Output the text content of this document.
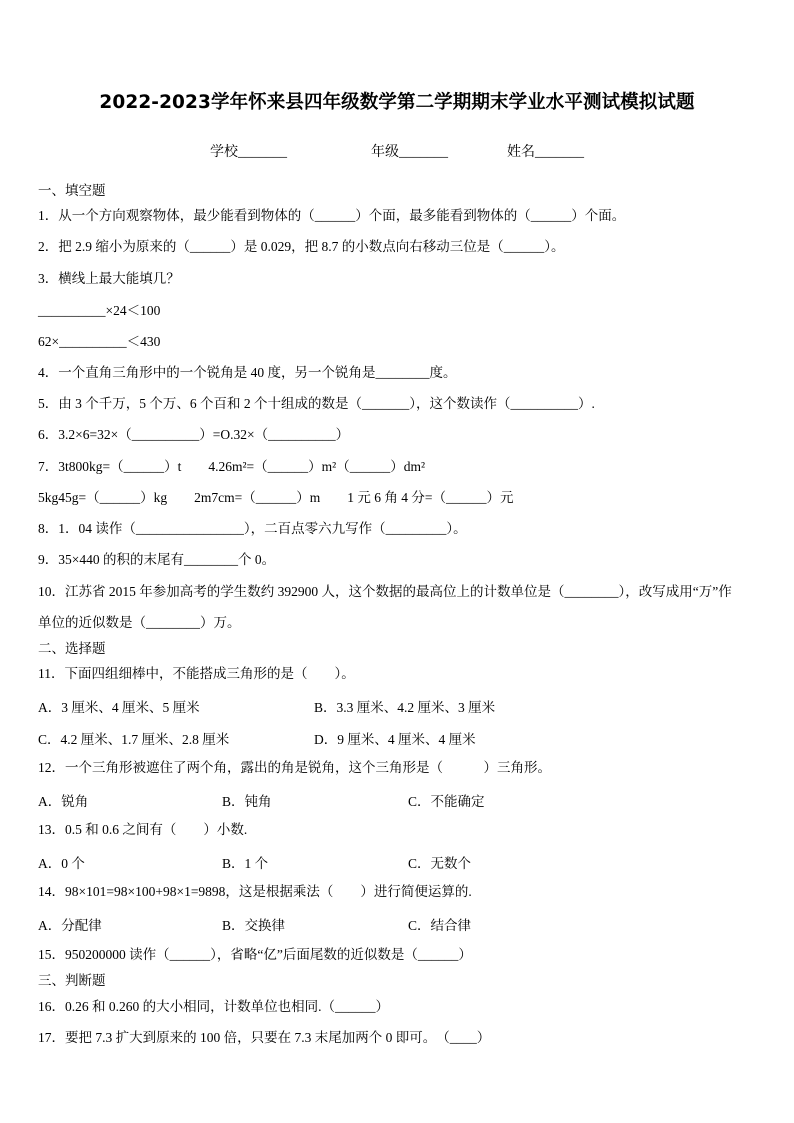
2022-2023学年怀来县四年级数学第二学期期末学业水平测试模拟试题
学校_______	年级_______	姓名_______
一、填空题
1．从一个方向观察物体，最少能看到物体的（______）个面，最多能看到物体的（______）个面。
2．把 2.9 缩小为原来的（______）是 0.029，把 8.7 的小数点向右移动三位是（______）。
3．横线上最大能填几？
__________×24＜100
62×__________＜430
4．一个直角三角形中的一个锐角是 40 度，另一个锐角是________度。
5．由 3 个千万，5 个万、6 个百和 2 个十组成的数是（_______），这个数读作（__________）.
6．3.2×6=32×（__________）=O.32×（__________）
7．3t800kg=（______）t　　4.26m²=（______）m²（______）dm²
5kg45g=（______）kg　　2m7cm=（______）m　　1 元 6 角 4 分=（______）元
8．1．04 读作（________________），二百点零六九写作（_________）。
9．35×440 的积的末尾有________个 0。
10．江苏省 2015 年参加高考的学生数约 392900 人，这个数据的最高位上的计数单位是（________），改写成用“万”作
单位的近似数是（________）万。
二、选择题
11．下面四组细棒中，不能搭成三角形的是（　　）。
A．3 厘米、4 厘米、5 厘米	B．3.3 厘米、4.2 厘米、3 厘米
C．4.2 厘米、1.7 厘米、2.8 厘米	D．9 厘米、4 厘米、4 厘米
12．一个三角形被遮住了两个角，露出的角是锐角，这个三角形是（　　　）三角形。
A．锐角	B．钝角	C．不能确定
13．0.5 和 0.6 之间有（　　）小数.
A．0 个	B．1 个	C．无数个
14．98×101=98×100+98×1=9898，这是根据乘法（　　）进行简便运算的.
A．分配律	B．交换律	C．结合律
15．950200000 读作（______），省略“亿”后面尾数的近似数是（______）
三、判断题
16．0.26 和 0.260 的大小相同，计数单位也相同.（______）
17．要把 7.3 扩大到原来的 100 倍，只要在 7.3 末尾加两个 0 即可。　（____）
